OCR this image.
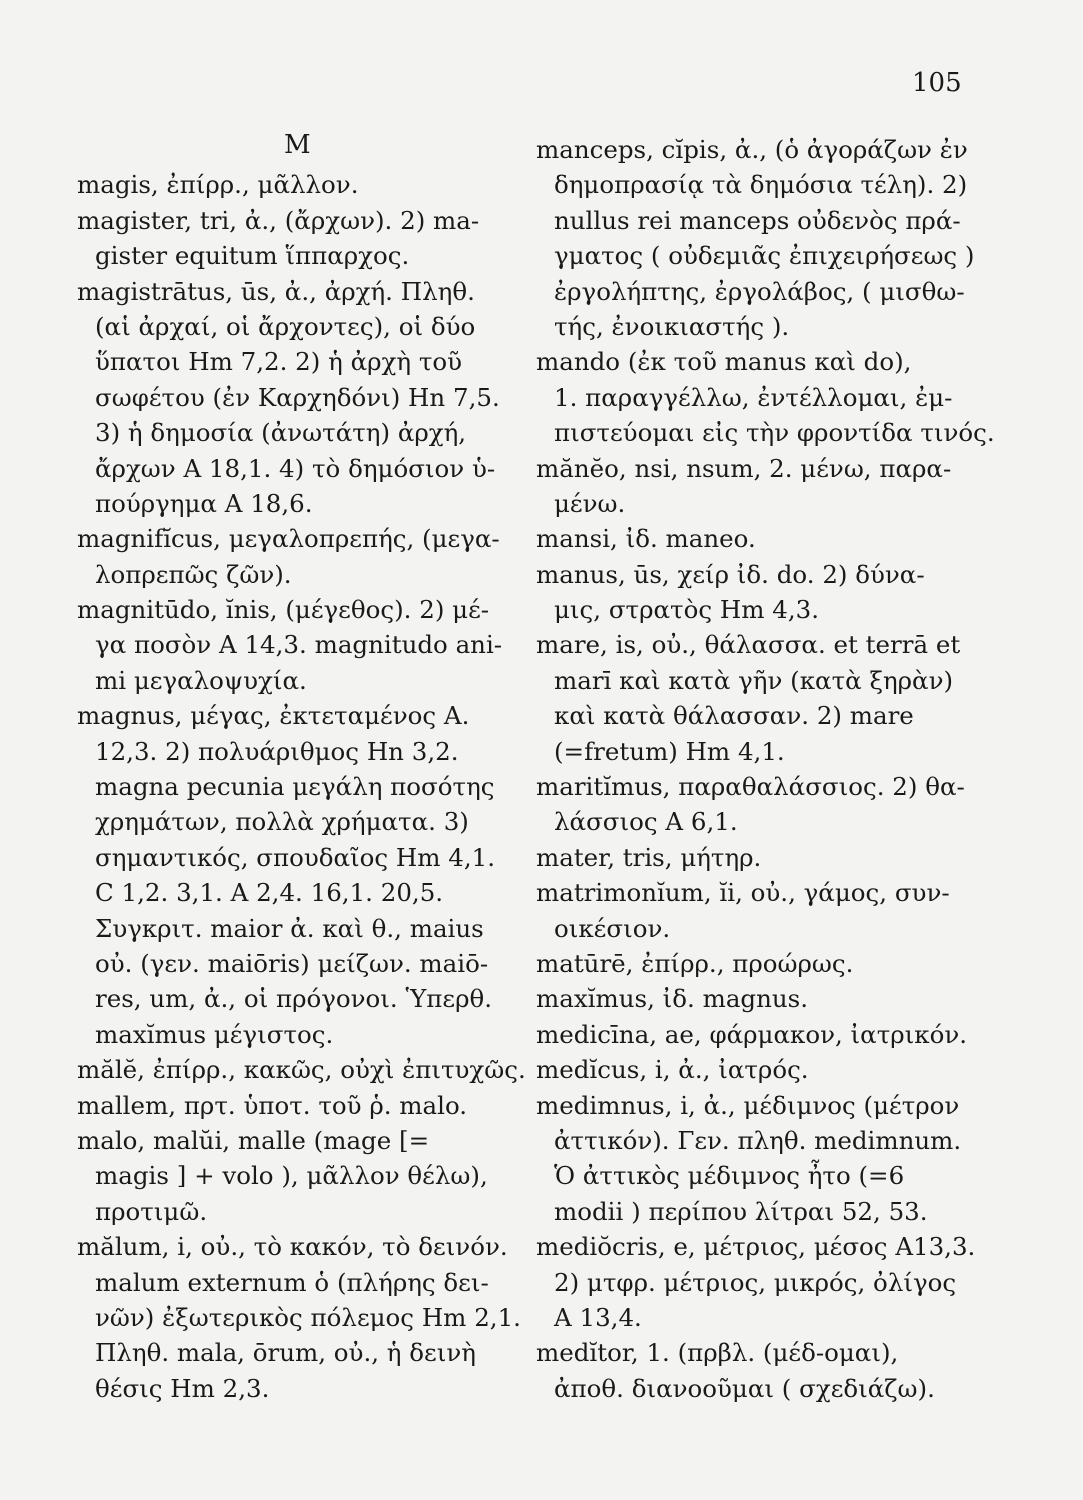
105
M
magis, ἐπίρρ., μᾶλλον.
magister, tri, ἀ., (ἄρχων). 2) ma-
gister equitum ἵππαρχος.
magistrātus, ūs, ἀ., ἀρχή. Πληθ.
(αἱ ἀρχαί, οἱ ἄρχοντες), οἱ δύο
ὕπατοι Hm 7,2. 2) ἡ ἀρχὴ τοῦ
σωφέτου (ἐν Καρχηδόνι) Hn 7,5.
3) ἡ δημοσία (ἀνωτάτη) ἀρχή,
ἄρχων A 18,1. 4) τὸ δημόσιον ὑ-
πούργημα A 18,6.
magnifĭcus, μεγαλοπρεπής, (μεγα-
λοπρεπῶς ζῶν).
magnitūdo, ĭnis, (μέγεθος). 2) μέ-
γα ποσὸν A 14,3. magnitudo ani-
mi μεγαλοψυχία.
magnus, μέγας, ἐκτεταμένος A.
12,3. 2) πολυάριθμος Hn 3,2.
magna pecunia μεγάλη ποσότης
χρημάτων, πολλὰ χρήματα. 3)
σημαντικός, σπουδαῖος Hm 4,1.
C 1,2. 3,1. A 2,4. 16,1. 20,5.
Συγκριτ. maior ἀ. καὶ θ., maius
οὐ. (γεν. maiōris) μείζων. maiō-
res, um, ἀ., οἱ πρόγονοι. Ὑπερθ.
maxĭmus μέγιστος.
mălĕ, ἐπίρρ., κακῶς, οὐχὶ ἐπιτυχῶς.
mallem, πρτ. ὑποτ. τοῦ ῥ. malo.
malo, malŭi, malle (mage [=
magis ] + volo ), μᾶλλον θέλω),
προτιμῶ.
mălum, i, οὐ., τὸ κακόν, τὸ δεινόν.
malum externum ὁ (πλήρης δει-
νῶν) ἐξωτερικὸς πόλεμος Hm 2,1.
Πληθ. mala, ōrum, οὐ., ἡ δεινὴ
θέσις Hm 2,3.
manceps, cĭpis, ἀ., (ὁ ἀγοράζων ἐν
δημοπρασίᾳ τὰ δημόσια τέλη). 2)
nullus rei manceps οὐδενὸς πρά-
γματος ( οὐδεμιᾶς ἐπιχειρήσεως )
ἐργολήπτης, ἐργολάβος, ( μισθω-
τής, ἐνοικιαστής ).
mando (ἐκ τοῦ manus καὶ do),
1. παραγγέλλω, ἐντέλλομαι, ἐμ-
πιστεύομαι εἰς τὴν φροντίδα τινός.
mănĕo, nsi, nsum, 2. μένω, παρα-
μένω.
mansi, ἰδ. maneo.
manus, ūs, χείρ ἰδ. do. 2) δύνα-
μις, στρατὸς Hm 4,3.
mare, is, οὐ., θάλασσα. et terrā et
marī καὶ κατὰ γῆν (κατὰ ξηρὰν)
καὶ κατὰ θάλασσαν. 2) mare
(=fretum) Hm 4,1.
maritĭmus, παραθαλάσσιος. 2) θα-
λάσσιος A 6,1.
mater, tris, μήτηρ.
matrimonĭum, ĭi, οὐ., γάμος, συν-
οικέσιον.
matūrē, ἐπίρρ., προώρως.
maxĭmus, ἰδ. magnus.
medicīna, ae, φάρμακον, ἰατρικόν.
medĭcus, i, ἀ., ἰατρός.
medimnus, i, ἀ., μέδιμνος (μέτρον
ἀττικόν). Γεν. πληθ. medimnum.
Ὁ ἀττικὸς μέδιμνος ἦτο (=6
modii ) περίπου λίτραι 52, 53.
mediŏcris, e, μέτριος, μέσος A13,3.
2) μτφρ. μέτριος, μικρός, ὀλίγος
A 13,4.
medĭtor, 1. (πρβλ. (μέδ-ομαι),
ἀποθ. διανοοῦμαι ( σχεδιάζω).
